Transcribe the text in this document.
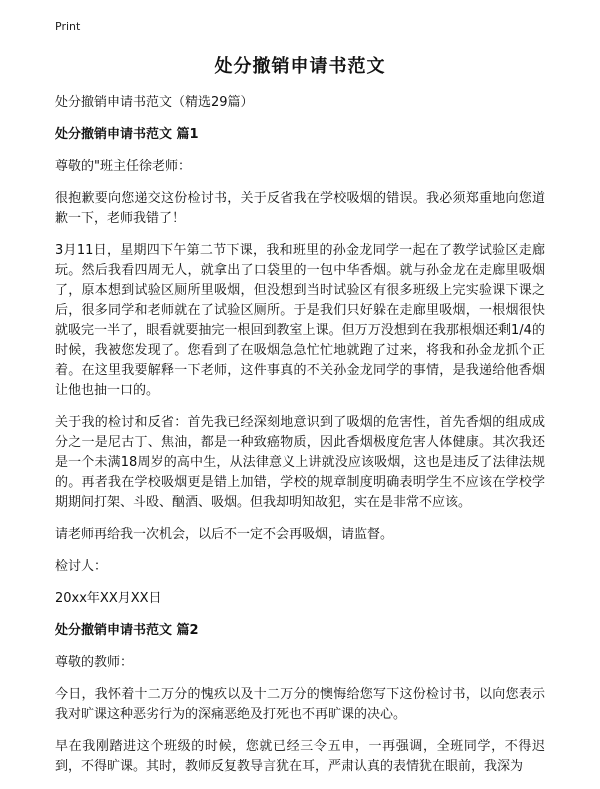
Print
处分撤销申请书范文
处分撤销申请书范文（精选29篇）
处分撤销申请书范文 篇1
尊敬的"班主任徐老师：
很抱歉要向您递交这份检讨书，关于反省我在学校吸烟的错误。我必须郑重地向您道歉一下，老师我错了！
3月11日，星期四下午第二节下课，我和班里的孙金龙同学一起在了教学试验区走廊玩。然后我看四周无人，就拿出了口袋里的一包中华香烟。就与孙金龙在走廊里吸烟了，原本想到试验区厕所里吸烟，但没想到当时试验区有很多班级上完实验课下课之后，很多同学和老师就在了试验区厕所。于是我们只好躲在走廊里吸烟，一根烟很快就吸完一半了，眼看就要抽完一根回到教室上课。但万万没想到在我那根烟还剩1/4的时候，我被您发现了。您看到了在吸烟急急忙忙地就跑了过来，将我和孙金龙抓个正着。在这里我要解释一下老师，这件事真的不关孙金龙同学的事情，是我递给他香烟让他也抽一口的。
关于我的检讨和反省：首先我已经深刻地意识到了吸烟的危害性，首先香烟的组成成分之一是尼古丁、焦油，都是一种致癌物质，因此香烟极度危害人体健康。其次我还是一个未满18周岁的高中生，从法律意义上讲就没应该吸烟，这也是违反了法律法规的。再者我在学校吸烟更是错上加错，学校的规章制度明确表明学生不应该在学校学期期间打架、斗殴、酗酒、吸烟。但我却明知故犯，实在是非常不应该。
请老师再给我一次机会，以后不一定不会再吸烟，请监督。
检讨人：
20xx年XX月XX日
处分撤销申请书范文 篇2
尊敬的教师：
今日，我怀着十二万分的愧疚以及十二万分的懊悔给您写下这份检讨书，以向您表示我对旷课这种恶劣行为的深痛恶绝及打死也不再旷课的决心。
早在我刚踏进这个班级的时候，您就已经三令五申，一再强调，全班同学，不得迟到，不得旷课。其时，教师反复教导言犹在耳，严肃认真的表情犹在眼前，我深为
